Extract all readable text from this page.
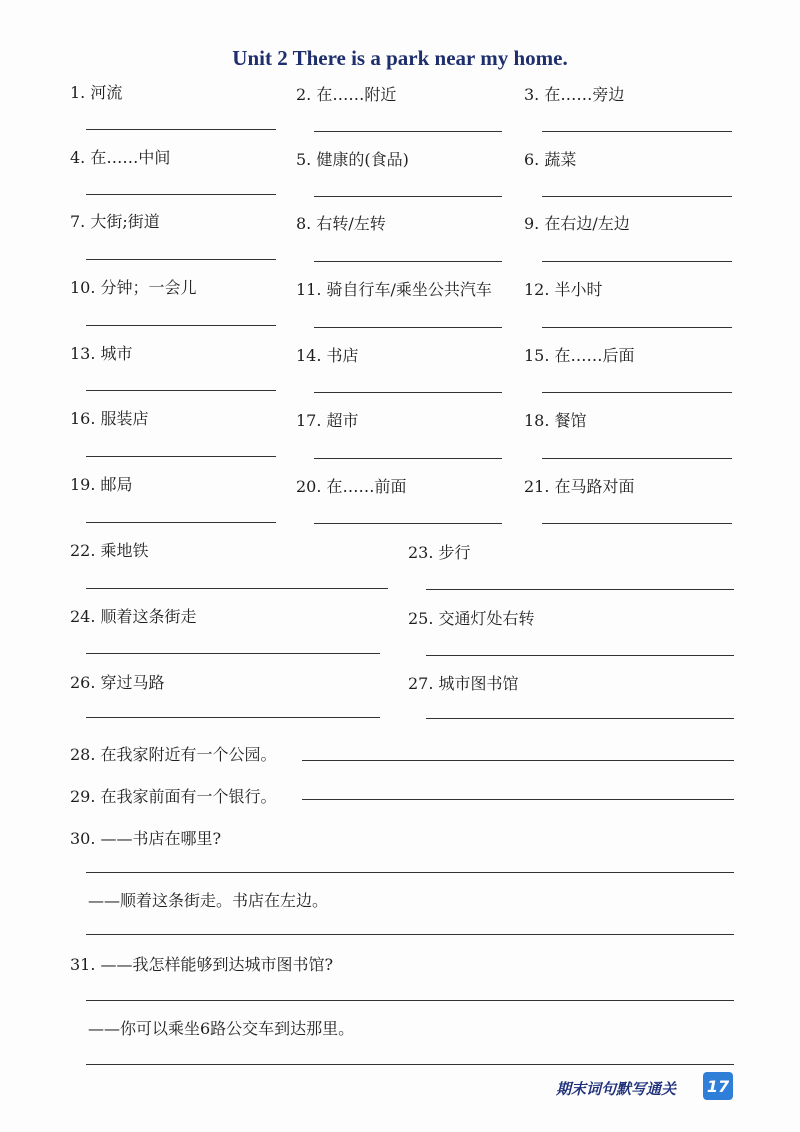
Unit 2 There is a park near my home.
1. 河流	2. 在……附近	3. 在……旁边
4. 在……中间	5. 健康的(食品)	6. 蔬菜
7. 大街;街道	8. 右转/左转	9. 在右边/左边
10. 分钟；一会儿	11. 骑自行车/乘坐公共汽车 12. 半小时
13. 城市	14. 书店	15. 在……后面
16. 服装店	17. 超市	18. 餐馆
19. 邮局	20. 在……前面	21. 在马路对面
22. 乘地铁	23. 步行
24. 顺着这条街走	25. 交通灯处右转
26. 穿过马路	27. 城市图书馆
28. 在我家附近有一个公园。
29. 在我家前面有一个银行。
30. ——书店在哪里?
——顺着这条街走。书店在左边。
31. ——我怎样能够到达城市图书馆?
——你可以乘坐6路公交车到达那里。
期末词句默写通关 17
